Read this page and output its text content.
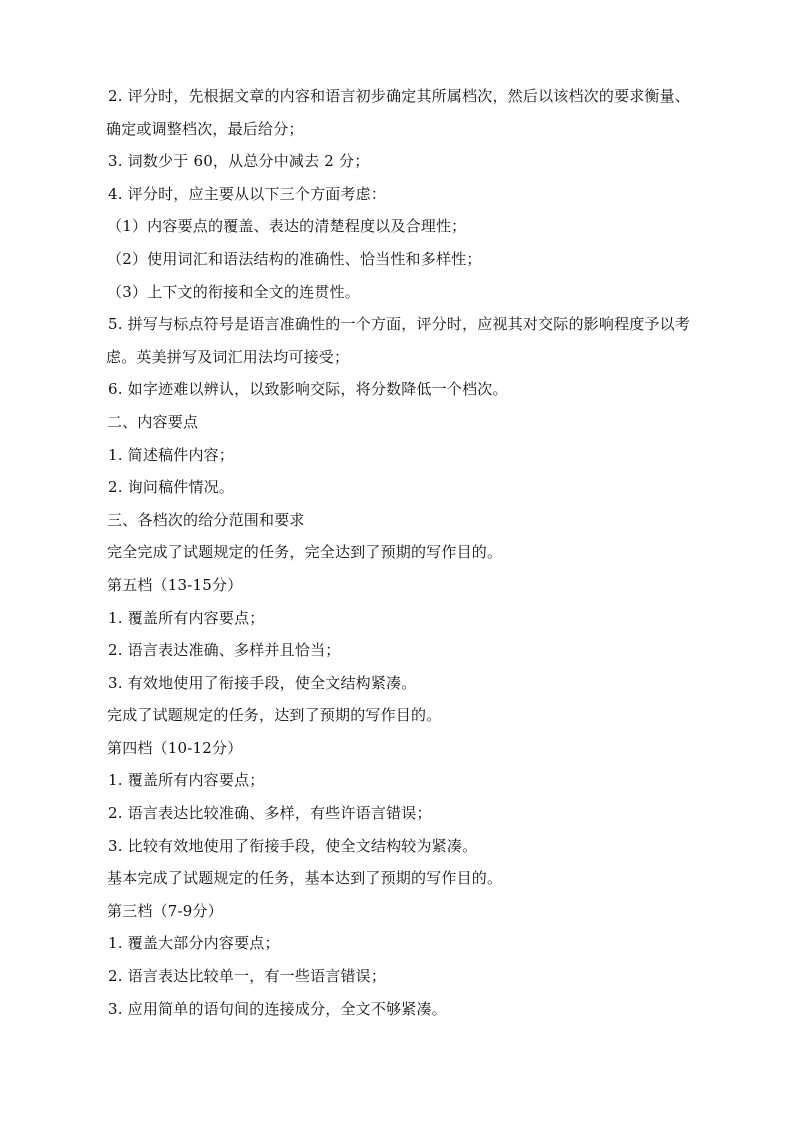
2. 评分时，先根据文章的内容和语言初步确定其所属档次，然后以该档次的要求衡量、
确定或调整档次，最后给分；
3. 词数少于 60，从总分中减去 2 分；
4. 评分时，应主要从以下三个方面考虑：
（1）内容要点的覆盖、表达的清楚程度以及合理性；
（2）使用词汇和语法结构的准确性、恰当性和多样性；
（3）上下文的衔接和全文的连贯性。
5. 拼写与标点符号是语言准确性的一个方面，评分时，应视其对交际的影响程度予以考
虑。英美拼写及词汇用法均可接受；
6. 如字迹难以辨认，以致影响交际，将分数降低一个档次。
二、内容要点
1. 简述稿件内容；
2. 询问稿件情况。
三、各档次的给分范围和要求
完全完成了试题规定的任务，完全达到了预期的写作目的。
第五档（13-15分）
1. 覆盖所有内容要点；
2. 语言表达准确、多样并且恰当；
3. 有效地使用了衔接手段，使全文结构紧凑。
完成了试题规定的任务，达到了预期的写作目的。
第四档（10-12分）
1. 覆盖所有内容要点；
2. 语言表达比较准确、多样，有些许语言错误；
3. 比较有效地使用了衔接手段，使全文结构较为紧凑。
基本完成了试题规定的任务，基本达到了预期的写作目的。
第三档（7-9分）
1. 覆盖大部分内容要点；
2. 语言表达比较单一，有一些语言错误；
3. 应用简单的语句间的连接成分，全文不够紧凑。
